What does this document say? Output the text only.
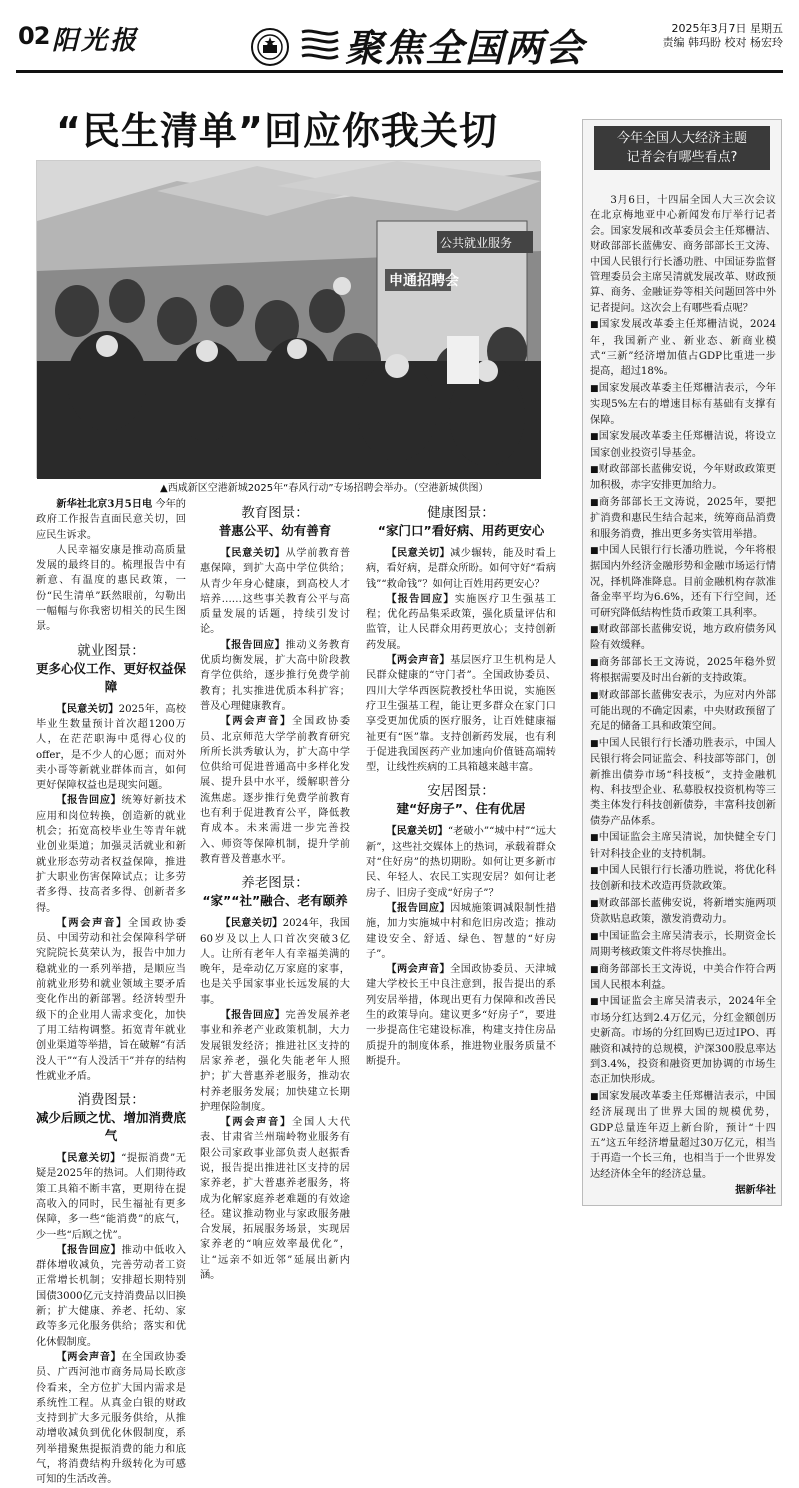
02 阳光报	聚焦全国两会	2025年3月7日 星期五
责编 韩玛盼 校对 杨宏玲
“民生清单”回应你我关切
申通招聘会
公共就业服务
▲西咸新区空港新城2025年“春风行动”专场招聘会举办。（空港新城供图）

新华社北京3月5日电 今年的政府工作报告直面民意关切，回应民生诉求。

人民幸福安康是推动高质量发展的最终目的。梳理报告中有新意、有温度的惠民政策，一份“民生清单”跃然眼前，勾勒出一幅幅与你我密切相关的民生图景。

就业图景：
更多心仪工作、更好权益保障

【民意关切】2025年，高校毕业生数量预计首次超1200万人，在茫茫职海中觅得心仪的offer，是不少人的心愿；而对外卖小哥等新就业群体而言，如何更好保障权益也是现实问题。

【报告回应】统筹好新技术应用和岗位转换，创造新的就业机会；拓宽高校毕业生等青年就业创业渠道；加强灵活就业和新就业形态劳动者权益保障，推进扩大职业伤害保障试点；让多劳者多得、技高者多得、创新者多得。

【两会声音】全国政协委员、中国劳动和社会保障科学研究院院长莫荣认为，报告中加力稳就业的一系列举措，是顺应当前就业形势和就业领域主要矛盾变化作出的新部署。经济转型升级下的企业用人需求变化，加快了用工结构调整。拓宽青年就业创业渠道等举措，旨在破解“有活没人干”“有人没活干”并存的结构性就业矛盾。

消费图景：
减少后顾之忧、增加消费底气

【民意关切】“提振消费”无疑是2025年的热词。人们期待政策工具箱不断丰富，更期待在提高收入的同时，民生福祉有更多保障，多一些“能消费”的底气，少一些“后顾之忧”。

【报告回应】推动中低收入群体增收减负，完善劳动者工资正常增长机制；安排超长期特别国债3000亿元支持消费品以旧换新；扩大健康、养老、托幼、家政等多元化服务供给；落实和优化休假制度。

【两会声音】在全国政协委员、广西河池市商务局局长欧彦伶看来，全方位扩大国内需求是系统性工程。从真金白银的财政支持到扩大多元服务供给，从推动增收减负到优化休假制度，系列举措聚焦提振消费的能力和底气，将消费结构升级转化为可感可知的生活改善。

教育图景：
普惠公平、幼有善育

【民意关切】从学前教育普惠保障，到扩大高中学位供给；从青少年身心健康，到高校人才培养……这些事关教育公平与高质量发展的话题，持续引发讨论。

【报告回应】推动义务教育优质均衡发展，扩大高中阶段教育学位供给，逐步推行免费学前教育；扎实推进优质本科扩容；普及心理健康教育。

【两会声音】全国政协委员、北京师范大学学前教育研究所所长洪秀敏认为，扩大高中学位供给可促进普通高中多样化发展、提升县中水平，缓解职普分流焦虑。逐步推行免费学前教育也有利于促进教育公平，降低教育成本。未来需进一步完善投入、师资等保障机制，提升学前教育普及普惠水平。

养老图景：
“家”“社”融合、老有颐养

【民意关切】2024年，我国60岁及以上人口首次突破3亿人。让所有老年人有幸福美满的晚年，是牵动亿万家庭的家事，也是关乎国家事业长远发展的大事。

【报告回应】完善发展养老事业和养老产业政策机制，大力发展银发经济；推进社区支持的居家养老，强化失能老年人照护；扩大普惠养老服务，推动农村养老服务发展；加快建立长期护理保险制度。

【两会声音】全国人大代表、甘肃省兰州瑞岭物业服务有限公司家政事业部负责人赵振香说，报告提出推进社区支持的居家养老，扩大普惠养老服务，将成为化解家庭养老难题的有效途径。建议推动物业与家政服务融合发展，拓展服务场景，实现居家养老的“响应效率最优化”，让“远亲不如近邻”延展出新内涵。

健康图景：
“家门口”看好病、用药更安心

【民意关切】减少辗转，能及时看上病，看好病，是群众所盼。如何守好“看病钱”“救命钱”？如何让百姓用药更安心？

【报告回应】实施医疗卫生强基工程；优化药品集采政策，强化质量评估和监管，让人民群众用药更放心；支持创新药发展。

【两会声音】基层医疗卫生机构是人民群众健康的“守门者”。全国政协委员、四川大学华西医院教授杜华田说，实施医疗卫生强基工程，能让更多群众在家门口享受更加优质的医疗服务，让百姓健康福祉更有“医”靠。支持创新药发展，也有利于促进我国医药产业加速向价值链高端转型，让线性疾病的工具箱越来越丰富。

安居图景：
建“好房子”、住有优居

【民意关切】“老破小”“城中村”“远大新”，这些社交媒体上的热词，承载着群众对“住好房”的热切期盼。如何让更多新市民、年轻人、农民工实现安居？如何让老房子、旧房子变成“好房子”？

【报告回应】因城施策调减限制性措施，加力实施城中村和危旧房改造；推动建设安全、舒适、绿色、智慧的“好房子”。

【两会声音】全国政协委员、天津城建大学校长王中良注意到，报告提出的系列安居举措，体现出更有力保障和改善民生的政策导向。建议更多“好房子”，要进一步提高住宅建设标准，构建支持住房品质提升的制度体系，推进物业服务质量不断提升。

今年全国人大经济主题
记者会有哪些看点?

3月6日，十四届全国人大三次会议在北京梅地亚中心新闻发布厅举行记者会。国家发展和改革委员会主任郑栅洁、财政部部长蓝佛安、商务部部长王文涛、中国人民银行行长潘功胜、中国证券监督管理委员会主席吴清就发展改革、财政预算、商务、金融证券等相关问题回答中外记者提问。这次会上有哪些看点呢？

■国家发展改革委主任郑栅洁说，2024年，我国新产业、新业态、新商业模式“三新”经济增加值占GDP比重进一步提高，超过18%。

■国家发展改革委主任郑栅洁表示，今年实现5%左右的增速目标有基础有支撑有保障。

■国家发展改革委主任郑栅洁说，将设立国家创业投资引导基金。

■财政部部长蓝佛安说，今年财政政策更加积极，赤字安排更加给力。

■商务部部长王文涛说，2025年，要把扩消费和惠民生结合起来，统筹商品消费和服务消费，推出更多务实管用举措。

■中国人民银行行长潘功胜说，今年将根据国内外经济金融形势和金融市场运行情况，择机降准降息。目前金融机构存款准备金率平均为6.6%，还有下行空间，还可研究降低结构性货币政策工具利率。

■财政部部长蓝佛安说，地方政府债务风险有效缓释。

■商务部部长王文涛说，2025年稳外贸将根据需要及时出台新的支持政策。

■财政部部长蓝佛安表示，为应对内外部可能出现的不确定因素，中央财政预留了充足的储备工具和政策空间。

■中国人民银行行长潘功胜表示，中国人民银行将会同证监会、科技部等部门，创新推出债券市场“科技板”，支持金融机构、科技型企业、私募股权投资机构等三类主体发行科技创新债券，丰富科技创新债券产品体系。

■中国证监会主席吴清说，加快健全专门针对科技企业的支持机制。

■中国人民银行行长潘功胜说，将优化科技创新和技术改造再贷款政策。

■财政部部长蓝佛安说，将新增实施两项贷款贴息政策，激发消费动力。

■中国证监会主席吴清表示，长期资金长周期考核政策文件将尽快推出。

■商务部部长王文涛说，中美合作符合两国人民根本利益。

■中国证监会主席吴清表示，2024年全市场分红达到2.4万亿元，分红金额创历史新高。市场的分红回购已迈过IPO、再融资和减持的总规模，沪深300股息率达到3.4%，投资和融资更加协调的市场生态正加快形成。

■国家发展改革委主任郑栅洁表示，中国经济展现出了世界大国的规模优势，GDP总量连年迈上新台阶，预计“十四五”这五年经济增量超过30万亿元，相当于再造一个长三角，也相当于一个世界发达经济体全年的经济总量。

据新华社
